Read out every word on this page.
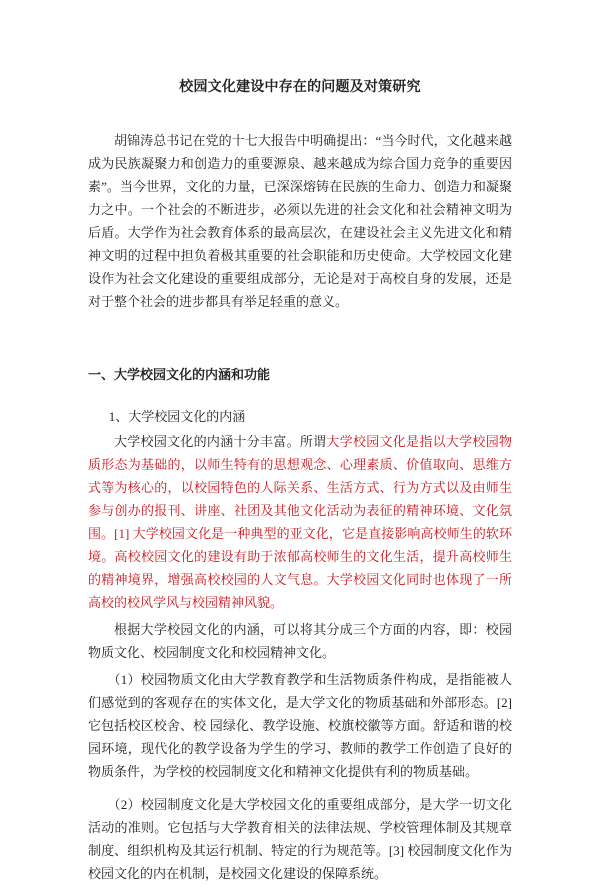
校园文化建设中存在的问题及对策研究

胡锦涛总书记在党的十七大报告中明确提出：“当今时代，文化越来越成为民族凝聚力和创造力的重要源泉、越来越成为综合国力竞争的重要因素”。当今世界，文化的力量，已深深熔铸在民族的生命力、创造力和凝聚力之中。一个社会的不断进步，必须以先进的社会文化和社会精神文明为后盾。大学作为社会教育体系的最高层次，在建设社会主义先进文化和精神文明的过程中担负着极其重要的社会职能和历史使命。大学校园文化建设作为社会文化建设的重要组成部分，无论是对于高校自身的发展，还是对于整个社会的进步都具有举足轻重的意义。

一、大学校园文化的内涵和功能
1、大学校园文化的内涵

大学校园文化的内涵十分丰富。所谓大学校园文化是指以大学校园物质形态为基础的，以师生特有的思想观念、心理素质、价值取向、思维方式等为核心的，以校园特色的人际关系、生活方式、行为方式以及由师生参与创办的报刊、讲座、社团及其他文化活动为表征的精神环境、文化氛围。[1] 大学校园文化是一种典型的亚文化，它是直接影响高校师生的软环境。高校校园文化的建设有助于浓郁高校师生的文化生活，提升高校师生的精神境界，增强高校校园的人文气息。大学校园文化同时也体现了一所高校的校风学风与校园精神风貌。

根据大学校园文化的内涵，可以将其分成三个方面的内容，即：校园物质文化、校园制度文化和校园精神文化。

（1）校园物质文化由大学教育教学和生活物质条件构成，是指能被人们感觉到的客观存在的实体文化，是大学文化的物质基础和外部形态。[2] 它包括校区校舍、校 园绿化、教学设施、校旗校徽等方面。舒适和谐的校园环境，现代化的教学设备为学生的学习、教师的教学工作创造了良好的物质条件，为学校的校园制度文化和精神文化提供有利的物质基础。

（2）校园制度文化是大学校园文化的重要组成部分，是大学一切文化活动的准则。它包括与大学教育相关的法律法规、学校管理体制及其规章制度、组织机构及其运行机制、特定的行为规范等。[3] 校园制度文化作为校园文化的内在机制，是校园文化建设的保障系统。
